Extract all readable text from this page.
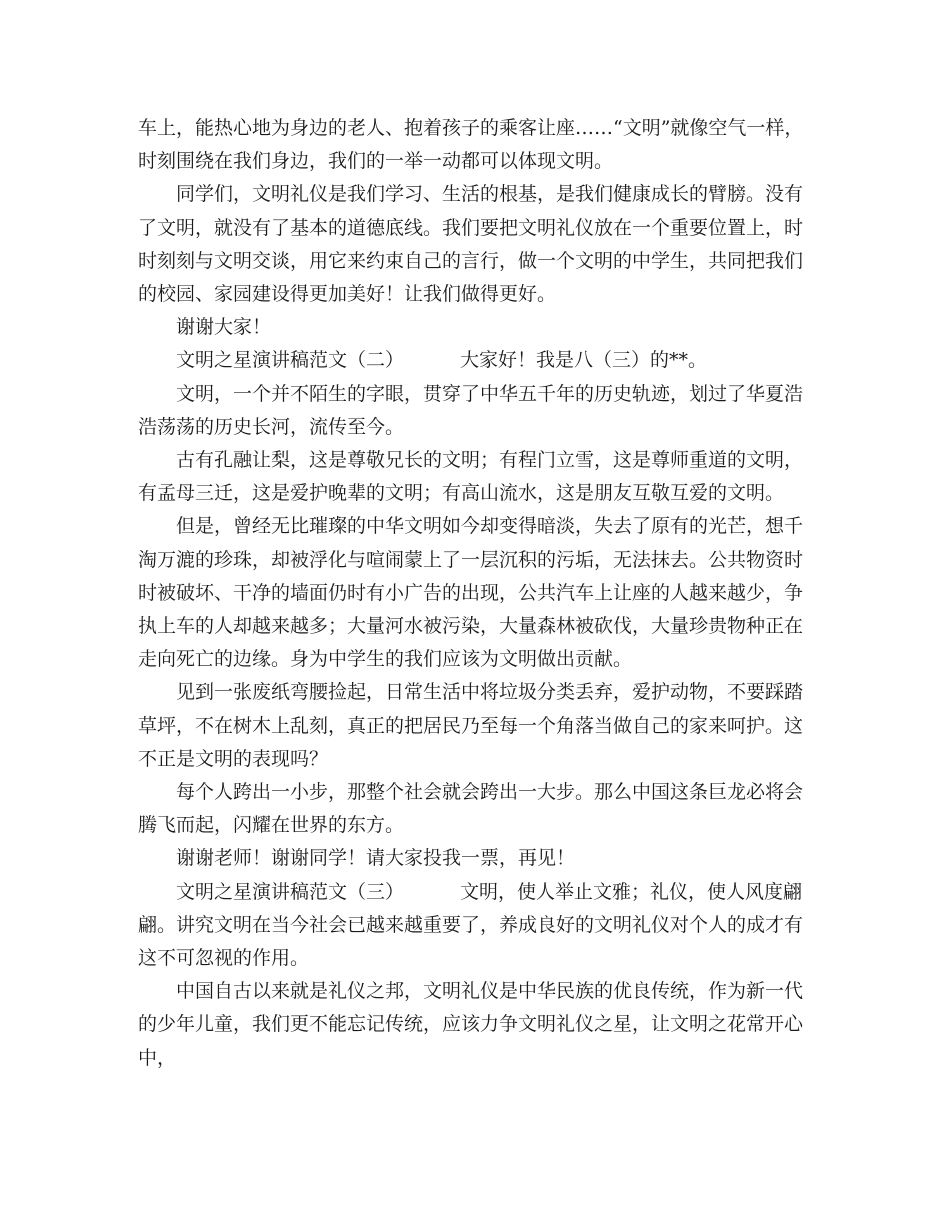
车上，能热心地为身边的老人、抱着孩子的乘客让座……“文明”就像空气一样，时刻围绕在我们身边，我们的一举一动都可以体现文明。

同学们，文明礼仪是我们学习、生活的根基，是我们健康成长的臂膀。没有了文明，就没有了基本的道德底线。我们要把文明礼仪放在一个重要位置上，时时刻刻与文明交谈，用它来约束自己的言行，做一个文明的中学生，共同把我们的校园、家园建设得更加美好！让我们做得更好。

谢谢大家！

文明之星演讲稿范文（二）	大家好！我是八（三）的**。

文明，一个并不陌生的字眼，贯穿了中华五千年的历史轨迹，划过了华夏浩浩荡荡的历史长河，流传至今。

古有孔融让梨，这是尊敬兄长的文明；有程门立雪，这是尊师重道的文明，有孟母三迁，这是爱护晚辈的文明；有高山流水，这是朋友互敬互爱的文明。

但是，曾经无比璀璨的中华文明如今却变得暗淡，失去了原有的光芒，想千淘万漉的珍珠，却被浮化与喧闹蒙上了一层沉积的污垢，无法抹去。公共物资时时被破坏、干净的墙面仍时有小广告的出现，公共汽车上让座的人越来越少，争执上车的人却越来越多；大量河水被污染，大量森林被砍伐，大量珍贵物种正在走向死亡的边缘。身为中学生的我们应该为文明做出贡献。

见到一张废纸弯腰捡起，日常生活中将垃圾分类丢弃，爱护动物，不要踩踏草坪，不在树木上乱刻，真正的把居民乃至每一个角落当做自己的家来呵护。这不正是文明的表现吗？

每个人跨出一小步，那整个社会就会跨出一大步。那么中国这条巨龙必将会腾飞而起，闪耀在世界的东方。

谢谢老师！谢谢同学！请大家投我一票，再见！

文明之星演讲稿范文（三）	文明，使人举止文雅；礼仪，使人风度翩翩。讲究文明在当今社会已越来越重要了，养成良好的文明礼仪对个人的成才有这不可忽视的作用。

中国自古以来就是礼仪之邦，文明礼仪是中华民族的优良传统，作为新一代的少年儿童，我们更不能忘记传统，应该力争文明礼仪之星，让文明之花常开心中，
